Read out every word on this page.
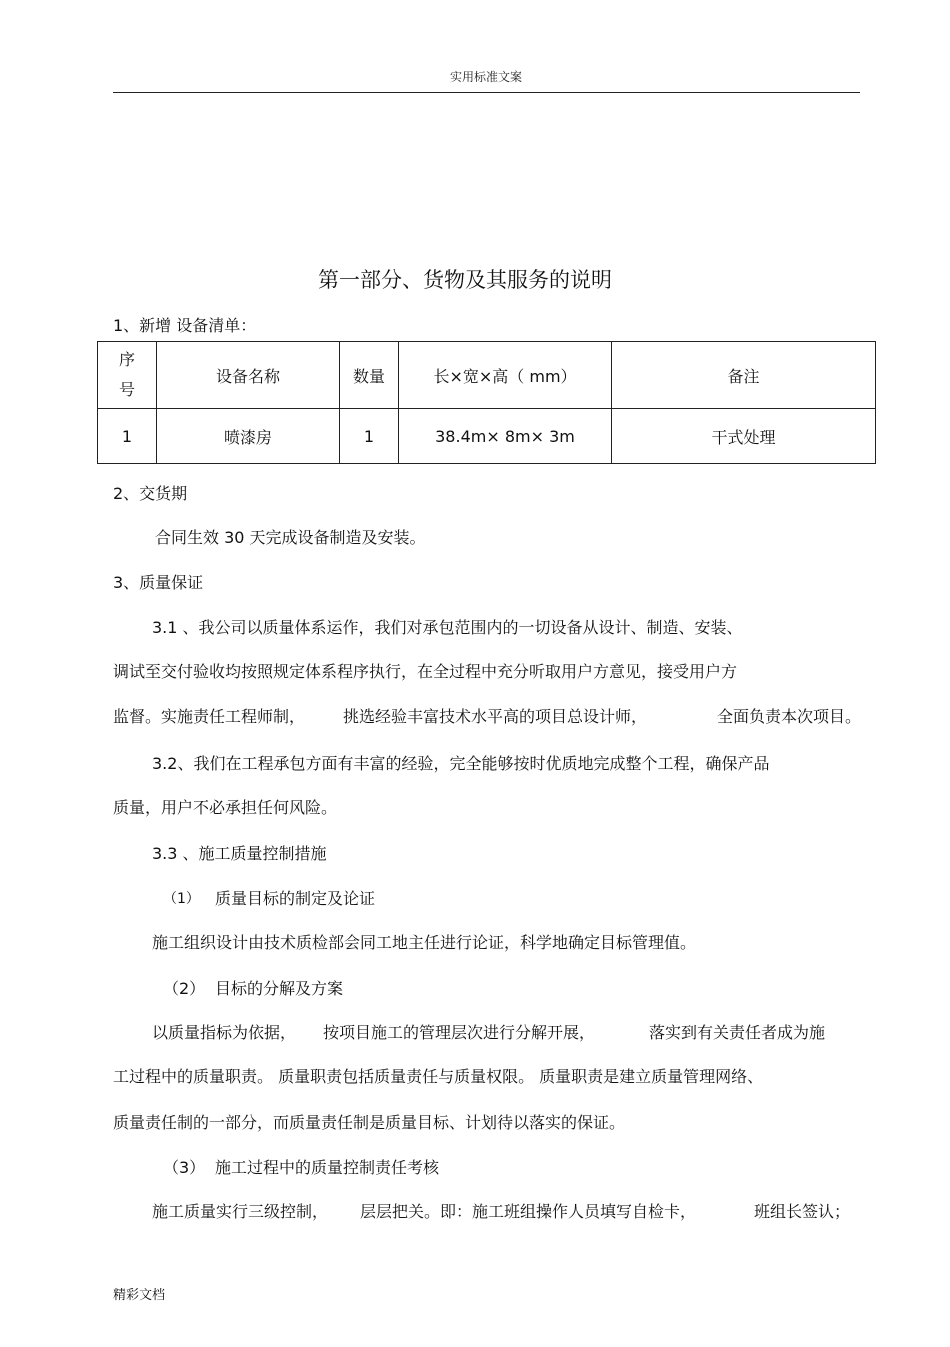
实用标准文案
第一部分、货物及其服务的说明
1、新增 设备清单：
序
号	设备名称	数量	长×宽×高（ mm）	备注
1	喷漆房	1	38.4m× 8m× 3m	干式处理
2、交货期
合同生效 30 天完成设备制造及安装。
3、质量保证
3.1 、我公司以质量体系运作，我们对承包范围内的一切设备从设计、制造、安装、
调试至交付验收均按照规定体系程序执行，在全过程中充分听取用户方意见，接受用户方
监督。实施责任工程师制， 挑选经验丰富技术水平高的项目总设计师，	全面负责本次项目。
3.2、我们在工程承包方面有丰富的经验，完全能够按时优质地完成整个工程，确保产品
质量，用户不必承担任何风险。
3.3 、施工质量控制措施
（1） 质量目标的制定及论证
施工组织设计由技术质检部会同工地主任进行论证，科学地确定目标管理值。
（2） 目标的分解及方案
以质量指标为依据， 按项目施工的管理层次进行分解开展，	落实到有关责任者成为施
工过程中的质量职责。 质量职责包括质量责任与质量权限。 质量职责是建立质量管理网络、
质量责任制的一部分，而质量责任制是质量目标、计划待以落实的保证。
（3） 施工过程中的质量控制责任考核
施工质量实行三级控制， 层层把关。即：施工班组操作人员填写自检卡，	班组长签认；
精彩文档
